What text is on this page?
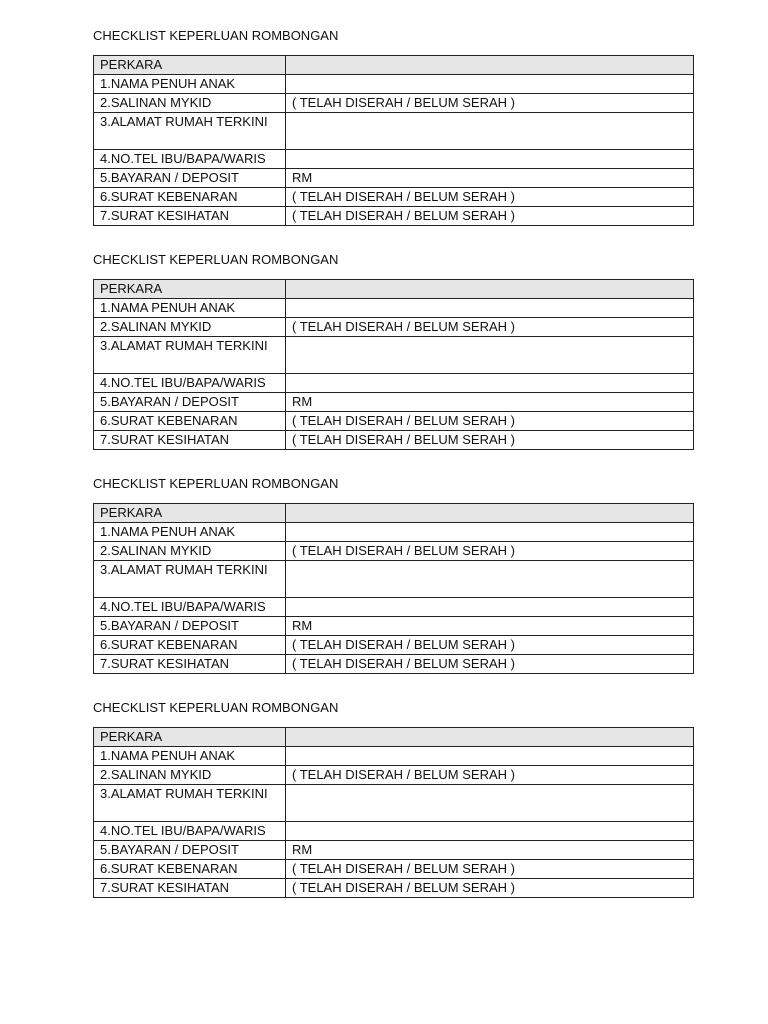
CHECKLIST KEPERLUAN ROMBONGAN

PERKARA	
1.NAMA PENUH ANAK	
2.SALINAN MYKID	( TELAH DISERAH / BELUM SERAH )
3.ALAMAT RUMAH TERKINI	
4.NO.TEL IBU/BAPA/WARIS	
5.BAYARAN / DEPOSIT	RM
6.SURAT KEBENARAN	( TELAH DISERAH / BELUM SERAH )
7.SURAT KESIHATAN	( TELAH DISERAH / BELUM SERAH )

CHECKLIST KEPERLUAN ROMBONGAN

PERKARA	
1.NAMA PENUH ANAK	
2.SALINAN MYKID	( TELAH DISERAH / BELUM SERAH )
3.ALAMAT RUMAH TERKINI	
4.NO.TEL IBU/BAPA/WARIS	
5.BAYARAN / DEPOSIT	RM
6.SURAT KEBENARAN	( TELAH DISERAH / BELUM SERAH )
7.SURAT KESIHATAN	( TELAH DISERAH / BELUM SERAH )

CHECKLIST KEPERLUAN ROMBONGAN

PERKARA	
1.NAMA PENUH ANAK	
2.SALINAN MYKID	( TELAH DISERAH / BELUM SERAH )
3.ALAMAT RUMAH TERKINI	
4.NO.TEL IBU/BAPA/WARIS	
5.BAYARAN / DEPOSIT	RM
6.SURAT KEBENARAN	( TELAH DISERAH / BELUM SERAH )
7.SURAT KESIHATAN	( TELAH DISERAH / BELUM SERAH )

CHECKLIST KEPERLUAN ROMBONGAN

PERKARA	
1.NAMA PENUH ANAK	
2.SALINAN MYKID	( TELAH DISERAH / BELUM SERAH )
3.ALAMAT RUMAH TERKINI	
4.NO.TEL IBU/BAPA/WARIS	
5.BAYARAN / DEPOSIT	RM
6.SURAT KEBENARAN	( TELAH DISERAH / BELUM SERAH )
7.SURAT KESIHATAN	( TELAH DISERAH / BELUM SERAH )
